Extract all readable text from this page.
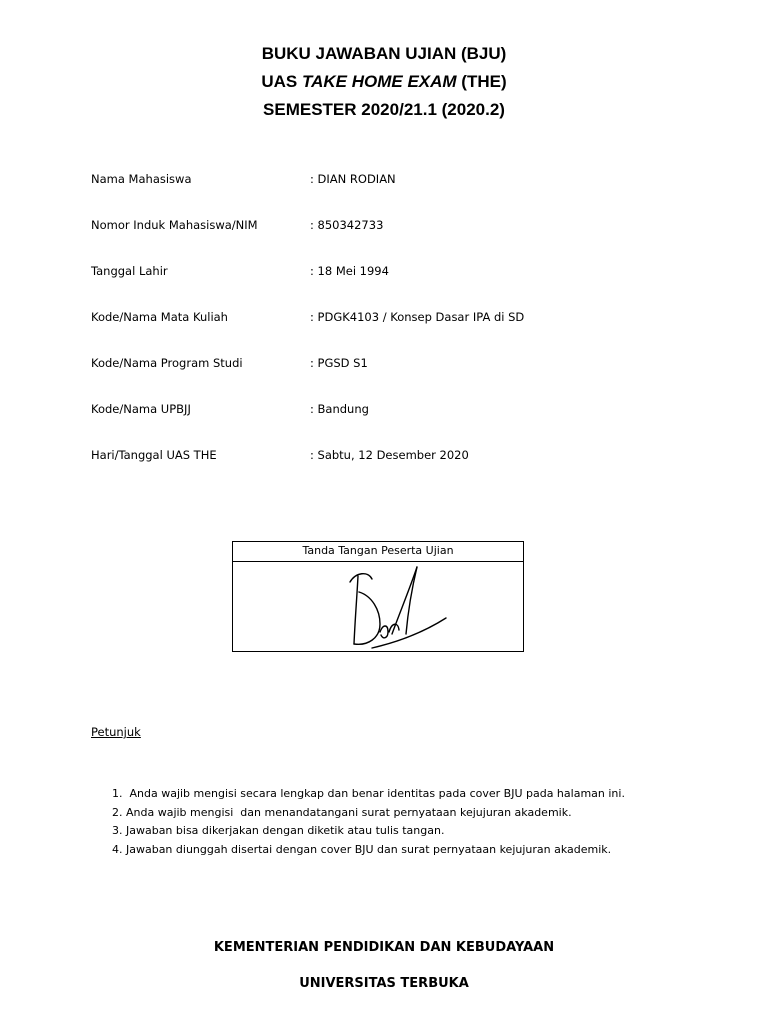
BUKU JAWABAN UJIAN (BJU)
UAS TAKE HOME EXAM (THE)
SEMESTER 2020/21.1 (2020.2)
Nama Mahasiswa	: DIAN RODIAN
Nomor Induk Mahasiswa/NIM	: 850342733
Tanggal Lahir	: 18 Mei 1994
Kode/Nama Mata Kuliah	: PDGK4103 / Konsep Dasar IPA di SD
Kode/Nama Program Studi	: PGSD S1
Kode/Nama UPBJJ	: Bandung
Hari/Tanggal UAS THE	: Sabtu, 12 Desember 2020
Tanda Tangan Peserta Ujian
Petunjuk
1.  Anda wajib mengisi secara lengkap dan benar identitas pada cover BJU pada halaman ini.
2. Anda wajib mengisi  dan menandatangani surat pernyataan kejujuran akademik.
3. Jawaban bisa dikerjakan dengan diketik atau tulis tangan.
4. Jawaban diunggah disertai dengan cover BJU dan surat pernyataan kejujuran akademik.
KEMENTERIAN PENDIDIKAN DAN KEBUDAYAAN
UNIVERSITAS TERBUKA
